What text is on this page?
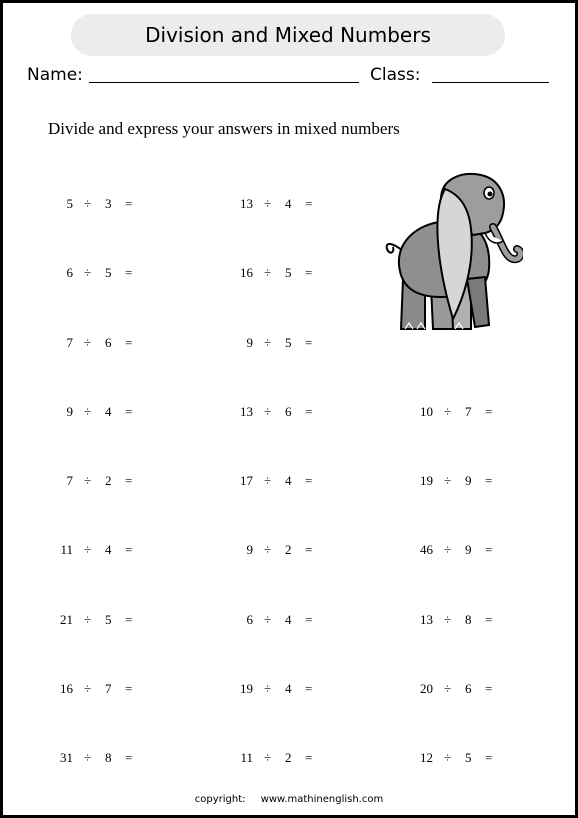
Division and Mixed Numbers
Name:	Class:
Divide and express your answers in mixed numbers
5 ÷ 3 =
6 ÷ 5 =
7 ÷ 6 =
9 ÷ 4 =
7 ÷ 2 =
11 ÷ 4 =
21 ÷ 5 =
16 ÷ 7 =
31 ÷ 8 =
13 ÷ 4 =
16 ÷ 5 =
9 ÷ 5 =
13 ÷ 6 =
17 ÷ 4 =
9 ÷ 2 =
6 ÷ 4 =
19 ÷ 4 =
11 ÷ 2 =
10 ÷ 7 =
19 ÷ 9 =
46 ÷ 9 =
13 ÷ 8 =
20 ÷ 6 =
12 ÷ 5 =
copyright: www.mathinenglish.com
